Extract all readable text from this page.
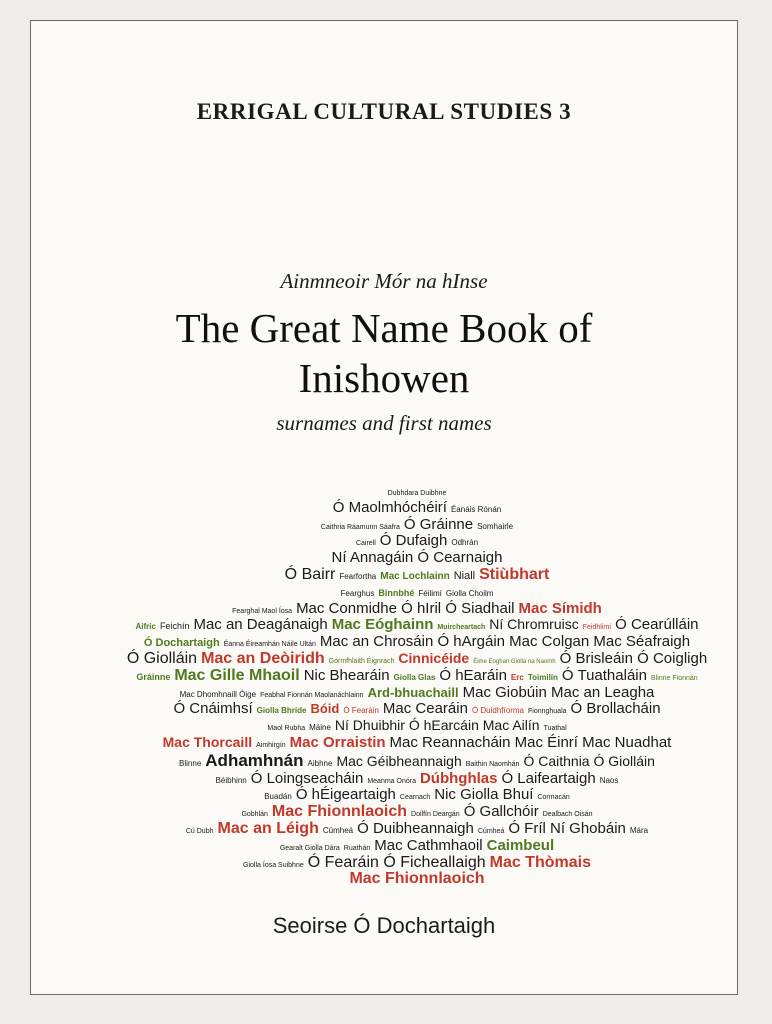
ERRIGAL CULTURAL STUDIES 3
Ainmneoir Mór na hInse
The Great Name Book of
Inishowen
surnames and first names
Dubhdara Duibhne
Ó Maolmhóchéirí Éanáis Rónán
Caithria Ráamunn Sáafra Ó Gráinne Somhairle
Cairell Ó Dufaigh Odhrán
Ní Annagáin Ó Cearnaigh
Ó Bairr Fearfortha Mac Lochlainn Niall Stiùbhart
Fearghus Binnbhé Féilimí Giolla Choilm
Fearghal Maol Íosa Mac Conmidhe Ó hIril Ó Siadhail Mac Símidh
Aifric Feichín Mac an Deagánaigh Mac Eóghainn Muircheartach Ní Chromruisc Feidhlimí Ó Cearúlláin
Ó Dochartaigh Éanna Éireamhán Náile Ultán Mac an Chrosáin Ó hArgáin Mac Colgan Mac Séafraigh
Ó Giolláin Mac an Deòiridh Gormfhlaith Éignrach Cinnicéide Éime Eoghan Giolla na Naomh Ó Brisleáin Ó Coigligh
Gráinne Mac Gille Mhaoil Nic Bhearáin Giolla Glas Ó hEaráin Erc Toimilín Ó Tuathaláin Blinne Fionnán
Mac Dhomhnaill Óige Feabhal Fionnán Maolanáchlainn Ard-bhuachaill Mac Giobúin Mac an Leagha
Ó Cnáimhsí Giolla Bhríde Bóid Ó Fearáin Mac Cearáin Ó Duidhfíorma Fionnghuala Ó Brollacháin
Maol Rubha Máine Ní Dhuibhir Ó hEarcáin Mac Ailín Tuathal
Mac Thorcaill Aimhirgín Mac Orraistin Mac Reannacháin Mac Éinrí Mac Nuadhat
Blinne Adhamhnán Aibhne Mac Géibheannaigh Baithin Naomhán Ó Caithnia Ó Giolláin
Béibhinn Ó Loingseacháin Meanma Onóra Dúbhghlas Ó Laifeartaigh Naos
Buadán Ó hÉigeartaigh Cearnach Nic Giolla Bhuí Cormacán
Gobhlán Mac Fhionnlaoich Doilfín Deargán Ó Gallchóir Dealbach Oisán
Cú Dubh Mac an Léigh Cúmheá Ó Duibheannaigh Cúmheá Ó Fríl Ní Ghobáin Mára
Gearalt Giolla Dára Ruathán Mac Cathmhaoil Caimbeul
Giolla Íosa Suibhne Ó Fearáin Ó Ficheallaigh Mac Thòmais
Mac Fhionnlaoich
Seoirse Ó Dochartaigh
